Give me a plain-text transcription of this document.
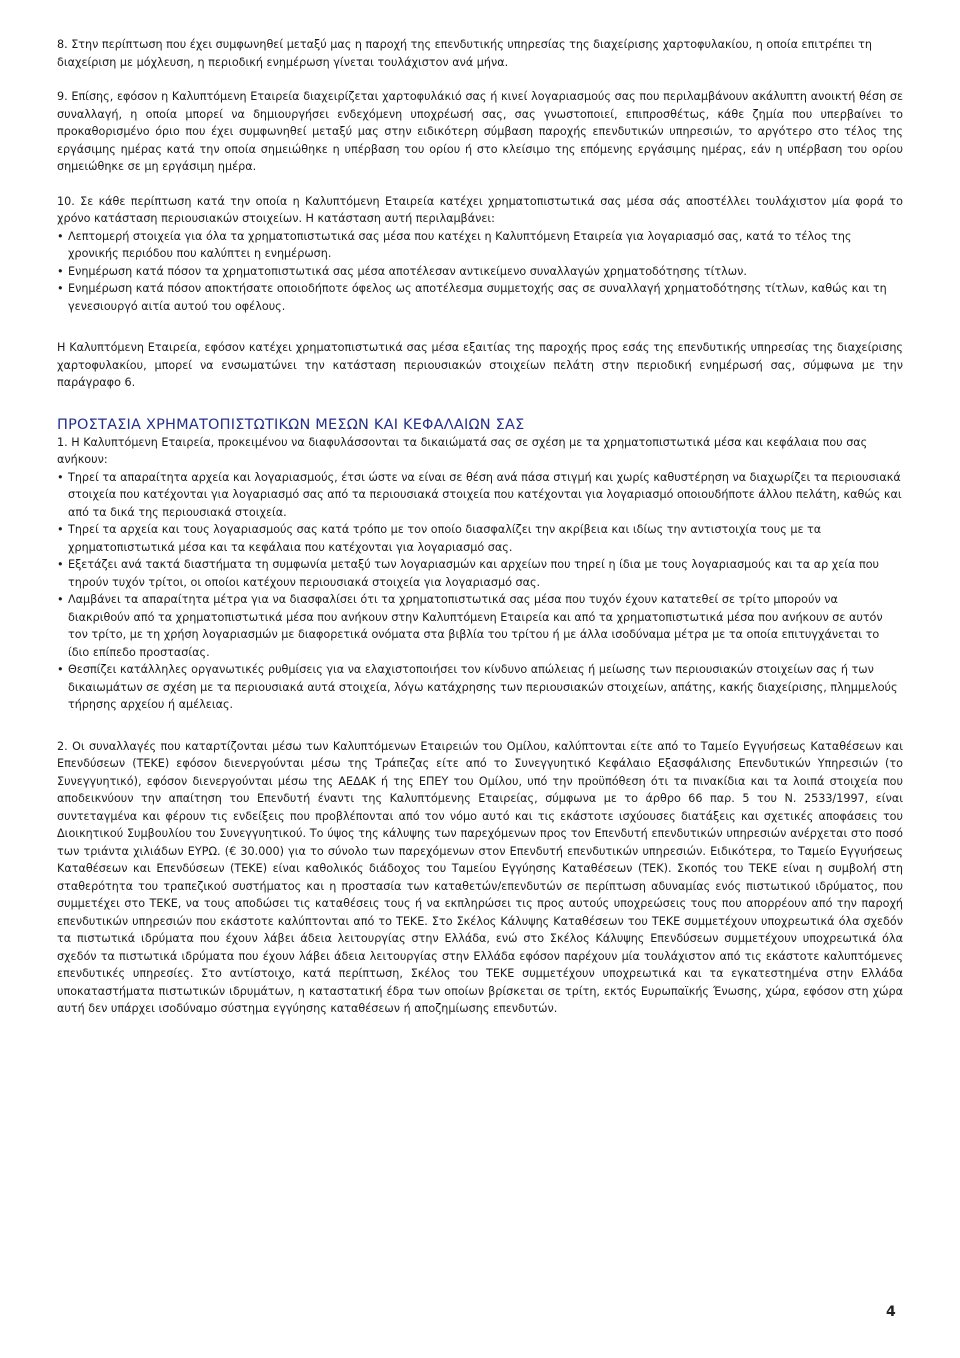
8. Στην περίπτωση που έχει συμφωνηθεί μεταξύ μας η παροχή της επενδυτικής υπηρεσίας της διαχείρισης χαρτοφυλακίου, η οποία επιτρέπει τη διαχείριση με μόχλευση, η περιοδική ενημέρωση γίνεται τουλάχιστον ανά μήνα.

9. Επίσης, εφόσον η Καλυπτόμενη Εταιρεία διαχειρίζεται χαρτοφυλάκιό σας ή κινεί λογαριασμούς σας που περιλαμβάνουν ακάλυπτη ανοικτή θέση σε συναλλαγή, η οποία μπορεί να δημιουργήσει ενδεχόμενη υποχρέωσή σας, σας γνωστοποιεί, επιπροσθέτως, κάθε ζημία που υπερβαίνει το προκαθορισμένο όριο που έχει συμφωνηθεί μεταξύ μας στην ειδικότερη σύμβαση παροχής επενδυτικών υπηρεσιών, το αργότερο στο τέλος της εργάσιμης ημέρας κατά την οποία σημειώθηκε η υπέρβαση του ορίου ή στο κλείσιμο της επόμενης εργάσιμης ημέρας, εάν η υπέρβαση του ορίου σημειώθηκε σε μη εργάσιμη ημέρα.

10. Σε κάθε περίπτωση κατά την οποία η Καλυπτόμενη Εταιρεία κατέχει χρηματοπιστωτικά σας μέσα σάς αποστέλλει τουλάχιστον μία φορά το χρόνο κατάσταση περιουσιακών στοιχείων. Η κατάσταση αυτή περιλαμβάνει:

• Λεπτομερή στοιχεία για όλα τα χρηματοπιστωτικά σας μέσα που κατέχει η Καλυπτόμενη Εταιρεία για λογαριασμό σας, κατά το τέλος της χρονικής περιόδου που καλύπτει η ενημέρωση.
• Ενημέρωση κατά πόσον τα χρηματοπιστωτικά σας μέσα αποτέλεσαν αντικείμενο συναλλαγών χρηματοδότησης τίτλων.
• Ενημέρωση κατά πόσον αποκτήσατε οποιοδήποτε όφελος ως αποτέλεσμα συμμετοχής σας σε συναλλαγή χρηματοδότησης τίτλων, καθώς και τη γενεσιουργό αιτία αυτού του οφέλους.

Η Καλυπτόμενη Εταιρεία, εφόσον κατέχει χρηματοπιστωτικά σας μέσα εξαιτίας της παροχής προς εσάς της επενδυτικής υπηρεσίας της διαχείρισης χαρτοφυλακίου, μπορεί να ενσωματώνει την κατάσταση περιουσιακών στοιχείων πελάτη στην περιοδική ενημέρωσή σας, σύμφωνα με την παράγραφο 6.

ΠΡΟΣΤΑΣΙΑ ΧΡΗΜΑΤΟΠΙΣΤΩΤΙΚΩΝ ΜΕΣΩΝ ΚΑΙ ΚΕΦΑΛΑΙΩΝ ΣΑΣ

1. Η Καλυπτόμενη Εταιρεία, προκειμένου να διαφυλάσσονται τα δικαιώματά σας σε σχέση με τα χρηματοπιστωτικά μέσα και κεφάλαια που σας ανήκουν:

• Τηρεί τα απαραίτητα αρχεία και λογαριασμούς, έτσι ώστε να είναι σε θέση ανά πάσα στιγμή και χωρίς καθυστέρηση να διαχωρίζει τα περιουσιακά στοιχεία που κατέχονται για λογαριασμό σας από τα περιουσιακά στοιχεία που κατέχονται για λογαριασμό οποιουδήποτε άλλου πελάτη, καθώς και από τα δικά της περιουσιακά στοιχεία.
• Τηρεί τα αρχεία και τους λογαριασμούς σας κατά τρόπο με τον οποίο διασφαλίζει την ακρίβεια και ιδίως την αντιστοιχία τους με τα χρηματοπιστωτικά μέσα και τα κεφάλαια που κατέχονται για λογαριασμό σας.
• Εξετάζει ανά τακτά διαστήματα τη συμφωνία μεταξύ των λογαριασμών και αρχείων που τηρεί η ίδια με τους λογαριασμούς και τα αρ χεία που τηρούν τυχόν τρίτοι, οι οποίοι κατέχουν περιουσιακά στοιχεία για λογαριασμό σας.
• Λαμβάνει τα απαραίτητα μέτρα για να διασφαλίσει ότι τα χρηματοπιστωτικά σας μέσα που τυχόν έχουν κατατεθεί σε τρίτο μπορούν να διακριθούν από τα χρηματοπιστωτικά μέσα που ανήκουν στην Καλυπτόμενη Εταιρεία και από τα χρηματοπιστωτικά μέσα που ανήκουν σε αυτόν τον τρίτο, με τη χρήση λογαριασμών με διαφορετικά ονόματα στα βιβλία του τρίτου ή με άλλα ισοδύναμα μέτρα με τα οποία επιτυγχάνεται το ίδιο επίπεδο προστασίας.
• Θεσπίζει κατάλληλες οργανωτικές ρυθμίσεις για να ελαχιστοποιήσει τον κίνδυνο απώλειας ή μείωσης των περιουσιακών στοιχείων σας ή των δικαιωμάτων σε σχέση με τα περιουσιακά αυτά στοιχεία, λόγω κατάχρησης των περιουσιακών στοιχείων, απάτης, κακής διαχείρισης, πλημμελούς τήρησης αρχείου ή αμέλειας.

2. Οι συναλλαγές που καταρτίζονται μέσω των Καλυπτόμενων Εταιρειών του Ομίλου, καλύπτονται είτε από το Ταμείο Εγγυήσεως Καταθέσεων και Επενδύσεων (ΤΕΚΕ) εφόσον διενεργούνται μέσω της Τράπεζας είτε από το Συνεγγυητικό Κεφάλαιο Εξασφάλισης Επενδυτικών Υπηρεσιών (το Συνεγγυητικό), εφόσον διενεργούνται μέσω της ΑΕΔΑΚ ή της ΕΠΕΥ του Ομίλου, υπό την προϋπόθεση ότι τα πινακίδια και τα λοιπά στοιχεία που αποδεικνύουν την απαίτηση του Επενδυτή έναντι της Καλυπτόμενης Εταιρείας, σύμφωνα με το άρθρο 66 παρ. 5 του Ν. 2533/1997, είναι συντεταγμένα και φέρουν τις ενδείξεις που προβλέπονται από τον νόμο αυτό και τις εκάστοτε ισχύουσες διατάξεις και σχετικές αποφάσεις του Διοικητικού Συμβουλίου του Συνεγγυητικού. Το ύψος της κάλυψης των παρεχόμενων προς τον Επενδυτή επενδυτικών υπηρεσιών ανέρχεται στο ποσό των τριάντα χιλιάδων ΕΥΡΩ. (€ 30.000) για το σύνολο των παρεχόμενων στον Επενδυτή επενδυτικών υπηρεσιών. Ειδικότερα, το Ταμείο Εγγυήσεως Καταθέσεων και Επενδύσεων (ΤΕΚΕ) είναι καθολικός διάδοχος του Ταμείου Εγγύησης Καταθέσεων (ΤΕΚ). Σκοπός του ΤΕΚΕ είναι η συμβολή στη σταθερότητα του τραπεζικού συστήματος και η προστασία των καταθετών/επενδυτών σε περίπτωση αδυναμίας ενός πιστωτικού ιδρύματος, που συμμετέχει στο ΤΕΚΕ, να τους αποδώσει τις καταθέσεις τους ή να εκπληρώσει τις προς αυτούς υποχρεώσεις τους που απορρέουν από την παροχή επενδυτικών υπηρεσιών που εκάστοτε καλύπτονται από το ΤΕΚΕ. Στο Σκέλος Κάλυψης Καταθέσεων του ΤΕΚΕ συμμετέχουν υποχρεωτικά όλα σχεδόν τα πιστωτικά ιδρύματα που έχουν λάβει άδεια λειτουργίας στην Ελλάδα, ενώ στο Σκέλος Κάλυψης Επενδύσεων συμμετέχουν υποχρεωτικά όλα σχεδόν τα πιστωτικά ιδρύματα που έχουν λάβει άδεια λειτουργίας στην Ελλάδα εφόσον παρέχουν μία τουλάχιστον από τις εκάστοτε καλυπτόμενες επενδυτικές υπηρεσίες. Στο αντίστοιχο, κατά περίπτωση, Σκέλος του ΤΕΚΕ συμμετέχουν υποχρεωτικά και τα εγκατεστημένα στην Ελλάδα υποκαταστήματα πιστωτικών ιδρυμάτων, η καταστατική έδρα των οποίων βρίσκεται σε τρίτη, εκτός Ευρωπαϊκής Ένωσης, χώρα, εφόσον στη χώρα αυτή δεν υπάρχει ισοδύναμο σύστημα εγγύησης καταθέσεων ή αποζημίωσης επενδυτών.

4
